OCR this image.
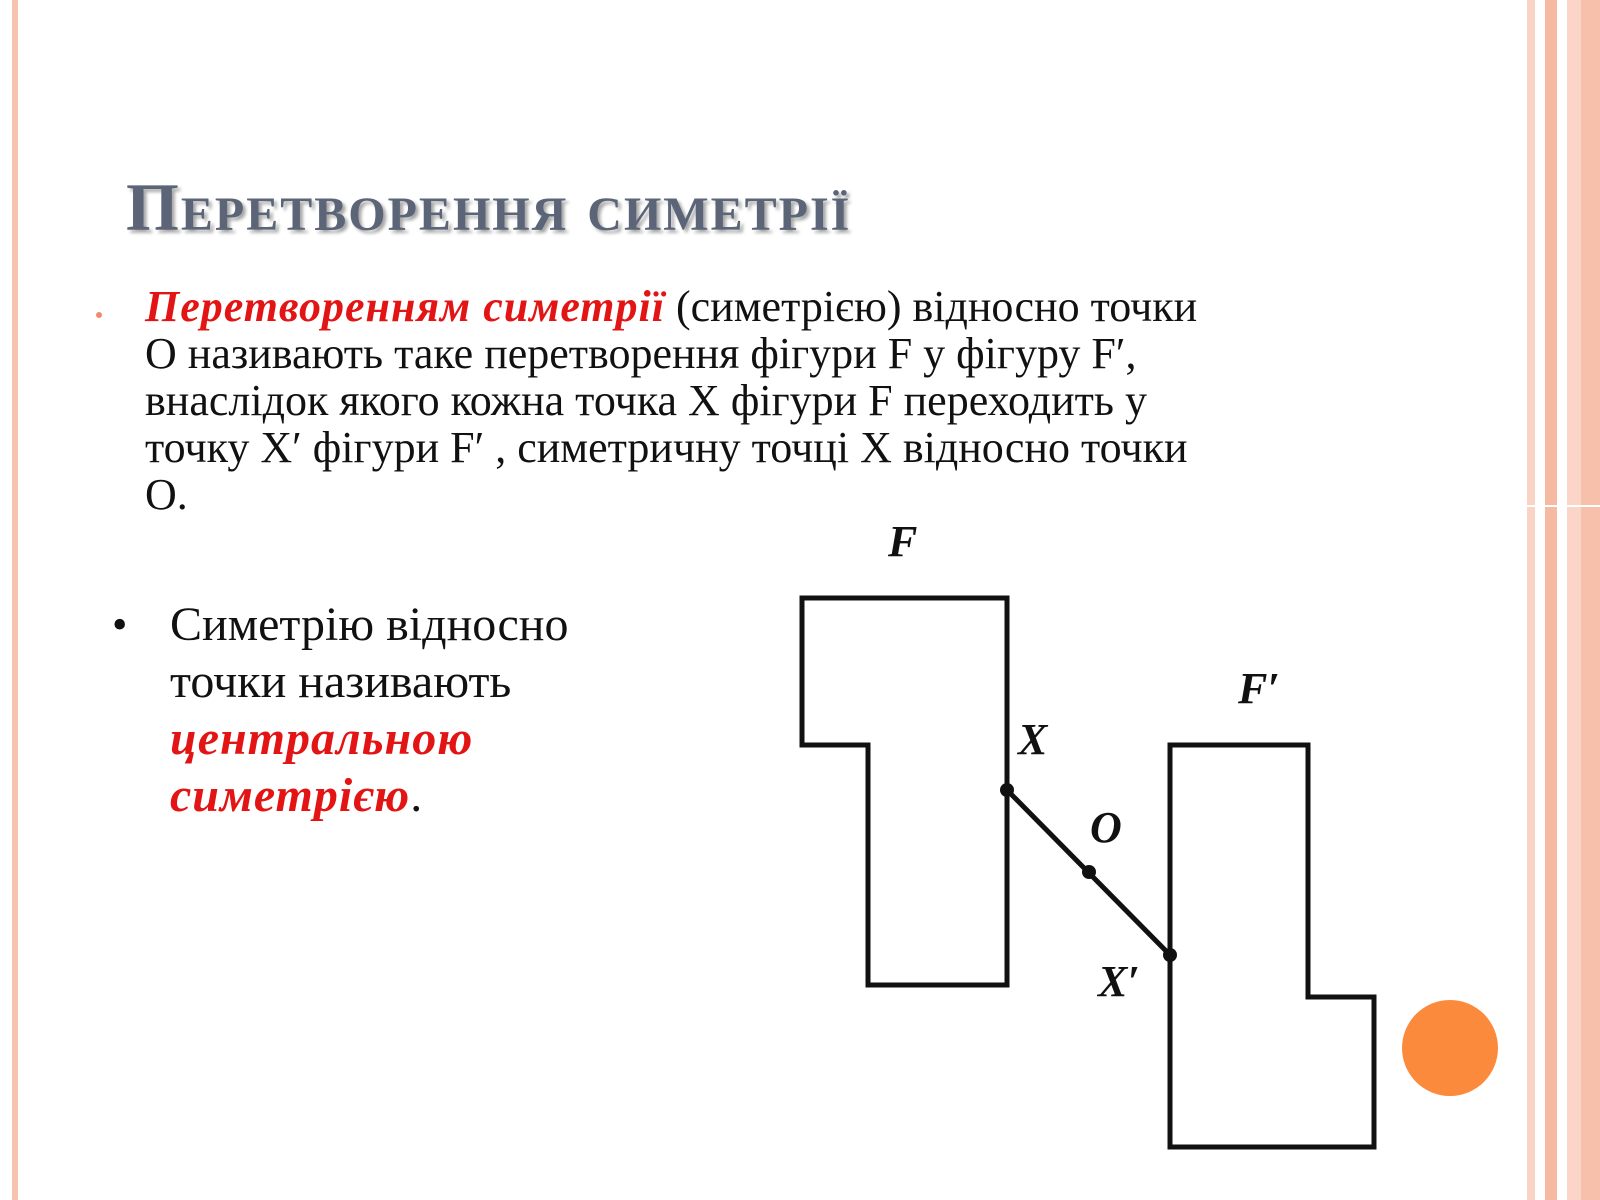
Перетворення симетрії
Перетворенням симетрії (симетрією) відносно точки
О називають таке перетворення фігури F у фігуру F′,
внаслідок якого кожна точка Х фігури F переходить у
точку Х′ фігури F′ , симетричну точці Х відносно точки
О.
• Симетрію відносно
точки називають
центральною
симетрією.
F
F′
X
O
X′
